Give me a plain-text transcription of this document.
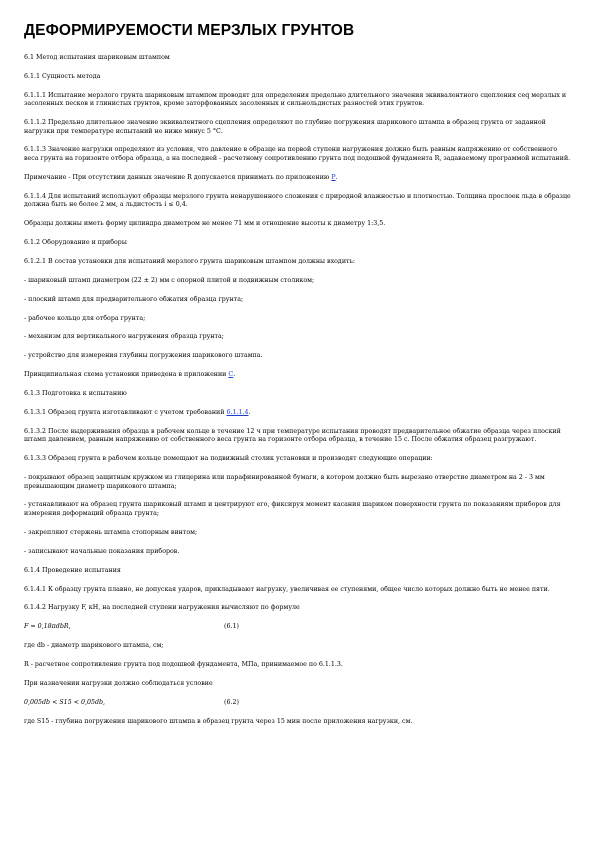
ДЕФОРМИРУЕМОСТИ МЕРЗЛЫХ ГРУНТОВ

6.1 Метод испытания шариковым штампом

6.1.1 Сущность метода

6.1.1.1 Испытание мерзлого грунта шариковым штампом проводят для определения предельно длительного значения эквивалентного сцепления сеq мерзлых и засоленных песков и глинистых грунтов, кроме заторфованных засоленных и сильнольдистых разностей этих грунтов.

6.1.1.2 Предельно длительное значение эквивалентного сцепления определяют по глубине погружения шарикового штампа в образец грунта от заданной нагрузки при температуре испытаний не ниже минус 5 °С.

6.1.1.3 Значение нагрузки определяют из условия, что давление в образце на первой ступени нагружения должно быть равным напряжению от собственного веса грунта на горизонте отбора образца, а на последней - расчетному сопротивлению грунта под подошвой фундамента R, задаваемому программой испытаний.

Примечание - При отсутствии данных значение R допускается принимать по приложению Р.

6.1.1.4 Для испытаний используют образцы мерзлого грунта ненарушенного сложения с природной влажностью и плотностью. Толщина прослоек льда в образце должна быть не более 2 мм, а льдистость i ≤ 0,4.

Образцы должны иметь форму цилиндра диаметром не менее 71 мм и отношение высоты к диаметру 1:3,5.

6.1.2 Оборудование и приборы

6.1.2.1 В состав установки для испытаний мерзлого грунта шариковым штампом должны входить:

- шариковый штамп диаметром (22 ± 2) мм с опорной плитой и подвижным столиком;

- плоский штамп для предварительного обжатия образца грунта;

- рабочее кольцо для отбора грунта;

- механизм для вертикального нагружения образца грунта;

- устройство для измерения глубины погружения шарикового штампа.

Принципиальная схема установки приведена в приложении С.

6.1.3 Подготовка к испытанию

6.1.3.1 Образец грунта изготавливают с учетом требований 6.1.1.4.

6.1.3.2 После выдерживания образца в рабочем кольце в течение 12 ч при температуре испытания проводят предварительное обжатие образца через плоский штамп давлением, равным напряжению от собственного веса грунта на горизонте отбора образца, в течение 15 с. После обжатия образец разгружают.

6.1.3.3 Образец грунта в рабочем кольце помещают на подвижный столик установки и производят следующие операции:

- покрывают образец защитным кружком из глицерина или парафинированной бумаги, в котором должно быть вырезано отверстие диаметром на 2 - 3 мм превышающим диаметр шарикового штампа;

- устанавливают на образец грунта шариковый штамп и центрируют его, фиксируя момент касания шариком поверхности грунта по показаниям приборов для измерения деформаций образца грунта;

- закрепляют стержень штампа стопорным винтом;

- записывают начальные показания приборов.

6.1.4 Проведение испытания

6.1.4.1 К образцу грунта плавно, не допуская ударов, прикладывают нагрузку, увеличивая ее ступенями, общее число которых должно быть не менее пяти.

6.1.4.2 Нагрузку F, кН, на последней ступени нагружения вычисляют по формуле

F = 0,18πdbR,	(6.1)

где db - диаметр шарикового штампа, см;

R - расчетное сопротивление грунта под подошвой фундамента, МПа, принимаемое по 6.1.1.3.

При назначении нагрузки должно соблюдаться условие

0,005db < S15 < 0,05db,	(6.2)

где S15 - глубина погружения шарикового штампа в образец грунта через 15 мин после приложения нагрузки, см.
